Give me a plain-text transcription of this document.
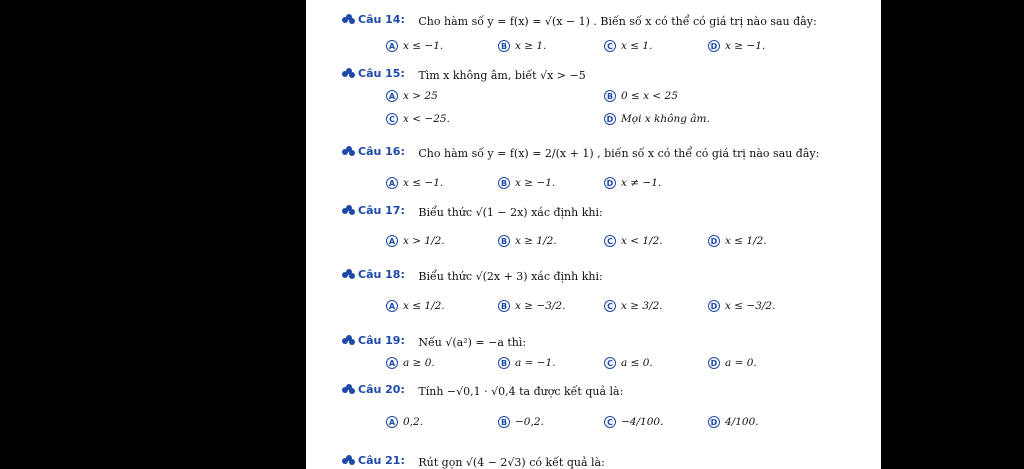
Câu 14: Cho hàm số y = f(x) = √(x − 1) . Biến số x có thể có giá trị nào sau đây:
A x ≤ −1.	B x ≥ 1.	C x ≤ 1.	D x ≥ −1.
Câu 15: Tìm x không âm, biết √x > −5
A x > 25	B 0 ≤ x < 25
C x < −25.	D Mọi x không âm.
Câu 16: Cho hàm số y = f(x) = 2/(x + 1) , biến số x có thể có giá trị nào sau đây:
A x ≤ −1.	B x ≥ −1.	D x ≠ −1.
Câu 17: Biểu thức √(1 − 2x) xác định khi:
A x > 1/2.	B x ≥ 1/2.	C x < 1/2.	D x ≤ 1/2.
Câu 18: Biểu thức √(2x + 3) xác định khi:
A x ≤ 1/2.	B x ≥ −3/2.	C x ≥ 3/2.	D x ≤ −3/2.
Câu 19: Nếu √(a²) = −a thì:
A a ≥ 0.	B a = −1.	C a ≤ 0.	D a = 0.
Câu 20: Tính −√0,1 · √0,4 ta được kết quả là:
A 0,2.	B −0,2.	C −4/100.	D 4/100.
Câu 21: Rút gọn √(4 − 2√3) có kết quả là:
